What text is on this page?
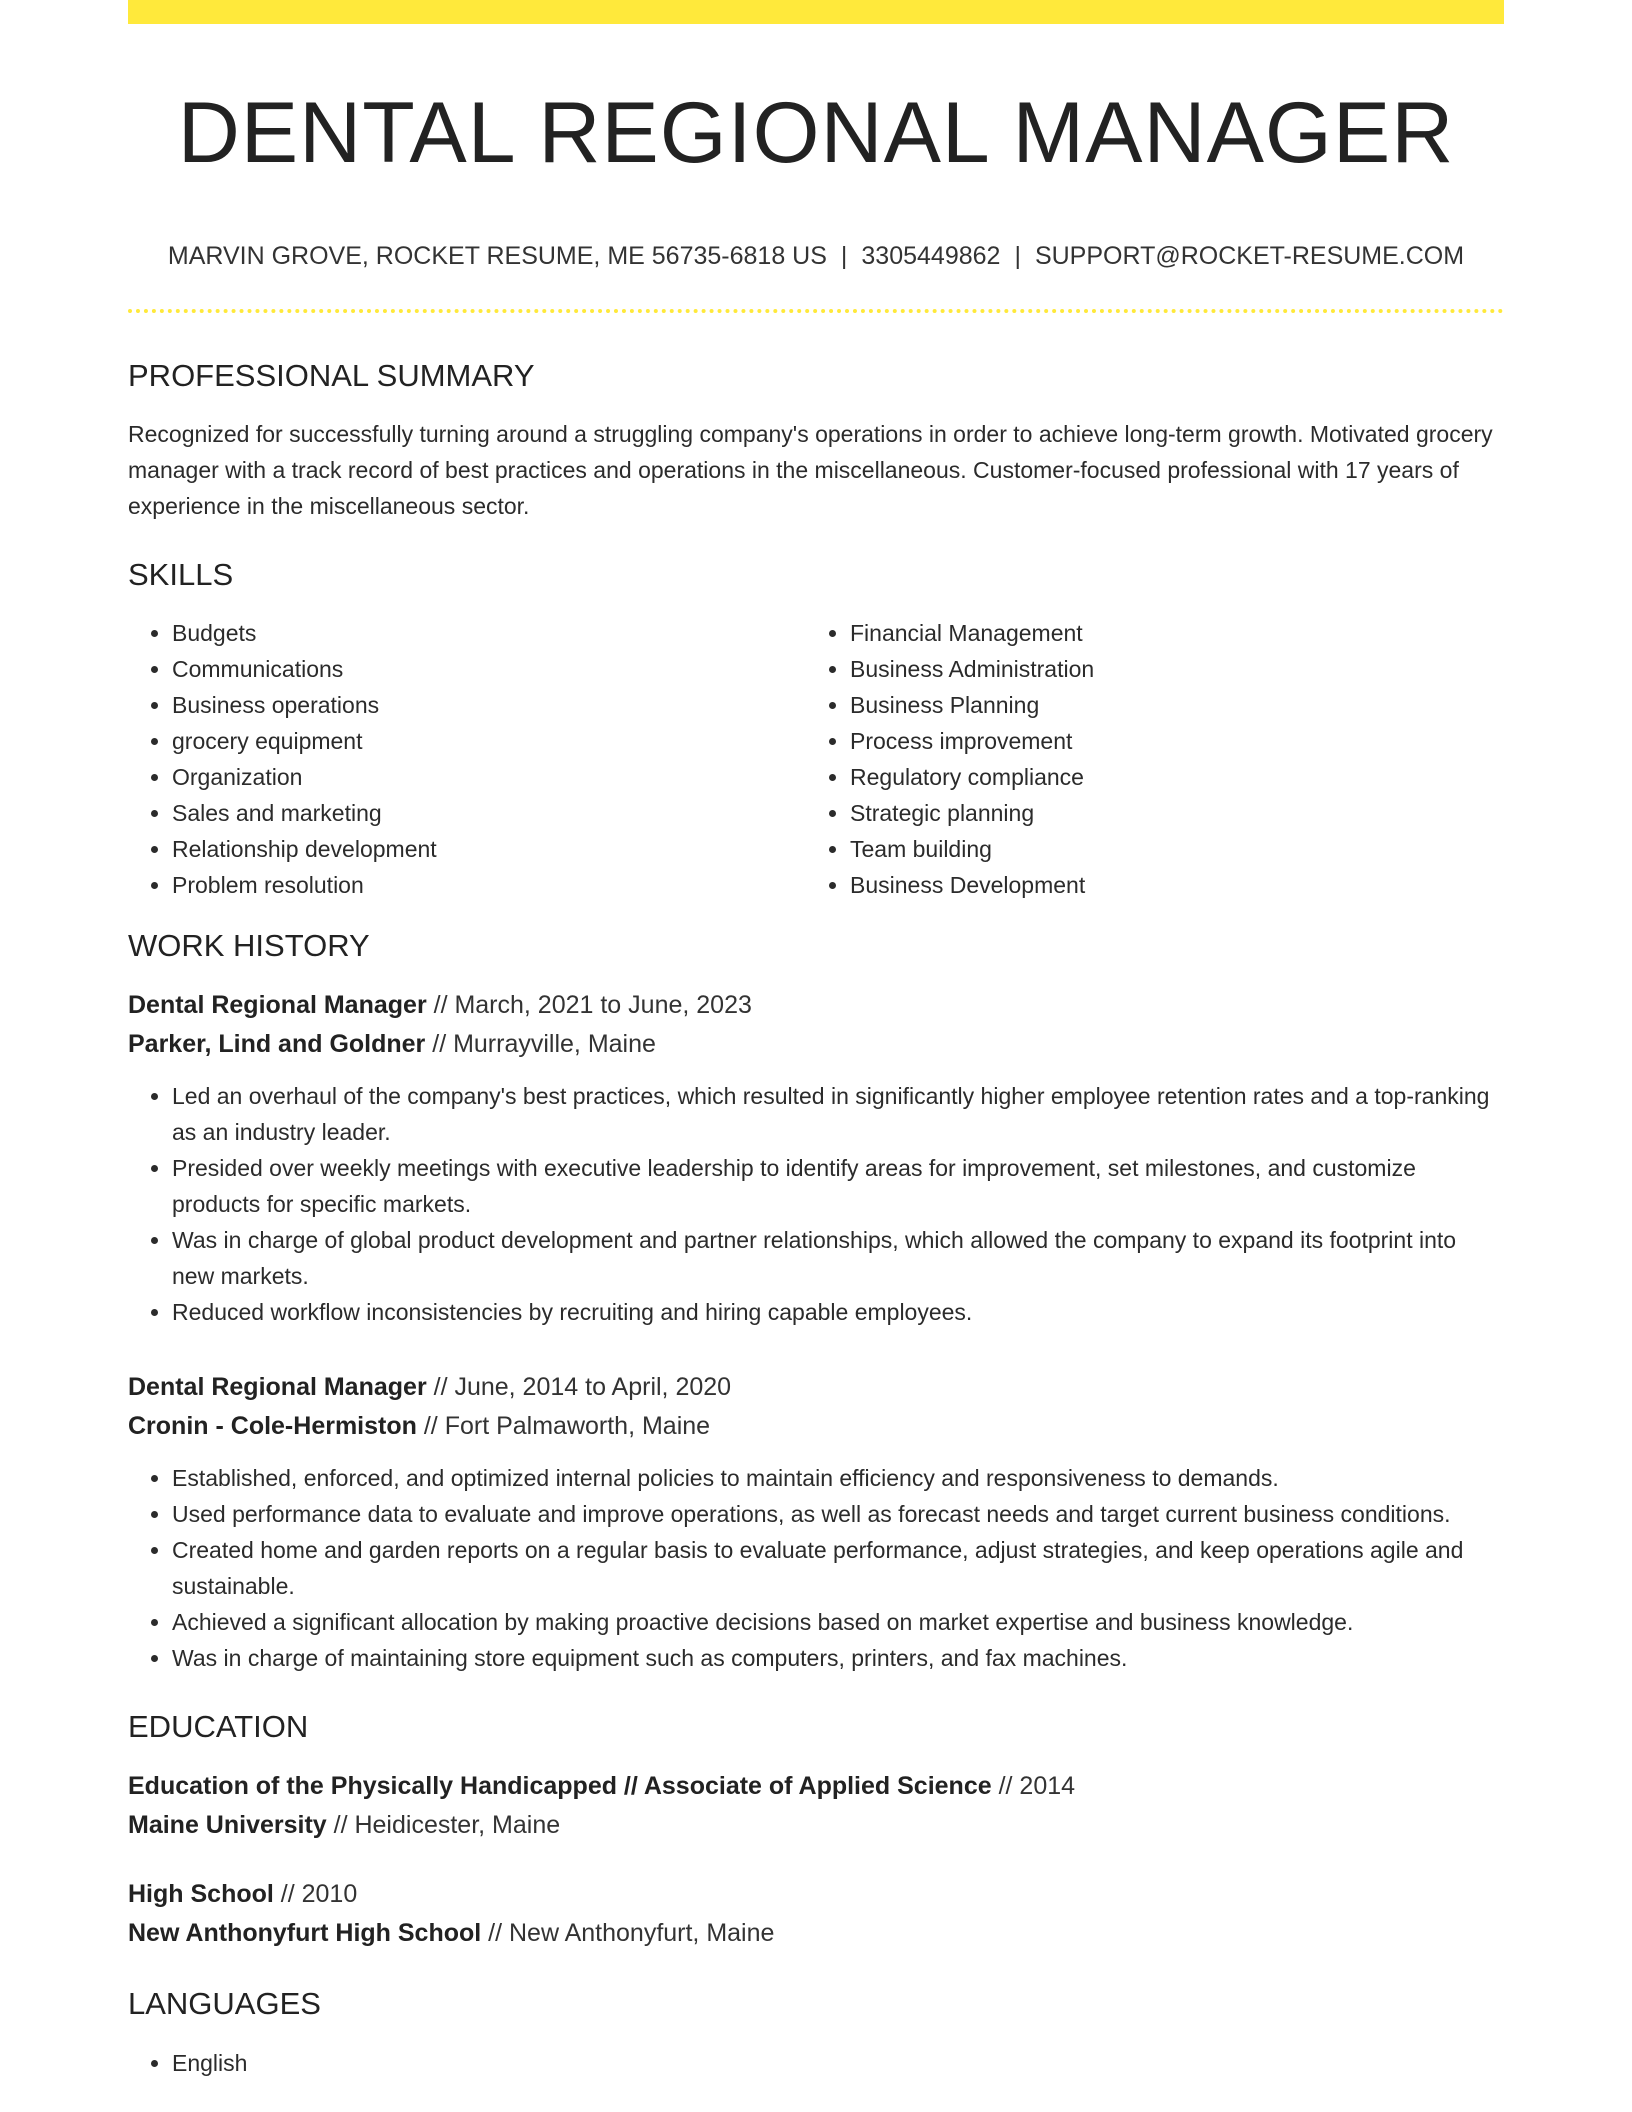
DENTAL REGIONAL MANAGER
MARVIN GROVE, ROCKET RESUME, ME 56735-6818 US | 3305449862 | SUPPORT@ROCKET-RESUME.COM
PROFESSIONAL SUMMARY
Recognized for successfully turning around a struggling company's operations in order to achieve long-term growth. Motivated grocery manager with a track record of best practices and operations in the miscellaneous. Customer-focused professional with 17 years of experience in the miscellaneous sector.
SKILLS
• Budgets
• Communications
• Business operations
• grocery equipment
• Organization
• Sales and marketing
• Relationship development
• Problem resolution
• Financial Management
• Business Administration
• Business Planning
• Process improvement
• Regulatory compliance
• Strategic planning
• Team building
• Business Development
WORK HISTORY
Dental Regional Manager // March, 2021 to June, 2023
Parker, Lind and Goldner // Murrayville, Maine
• Led an overhaul of the company's best practices, which resulted in significantly higher employee retention rates and a top-ranking as an industry leader.
• Presided over weekly meetings with executive leadership to identify areas for improvement, set milestones, and customize products for specific markets.
• Was in charge of global product development and partner relationships, which allowed the company to expand its footprint into new markets.
• Reduced workflow inconsistencies by recruiting and hiring capable employees.
Dental Regional Manager // June, 2014 to April, 2020
Cronin - Cole-Hermiston // Fort Palmaworth, Maine
• Established, enforced, and optimized internal policies to maintain efficiency and responsiveness to demands.
• Used performance data to evaluate and improve operations, as well as forecast needs and target current business conditions.
• Created home and garden reports on a regular basis to evaluate performance, adjust strategies, and keep operations agile and sustainable.
• Achieved a significant allocation by making proactive decisions based on market expertise and business knowledge.
• Was in charge of maintaining store equipment such as computers, printers, and fax machines.
EDUCATION
Education of the Physically Handicapped // Associate of Applied Science // 2014
Maine University // Heidicester, Maine
High School // 2010
New Anthonyfurt High School // New Anthonyfurt, Maine
LANGUAGES
• English
